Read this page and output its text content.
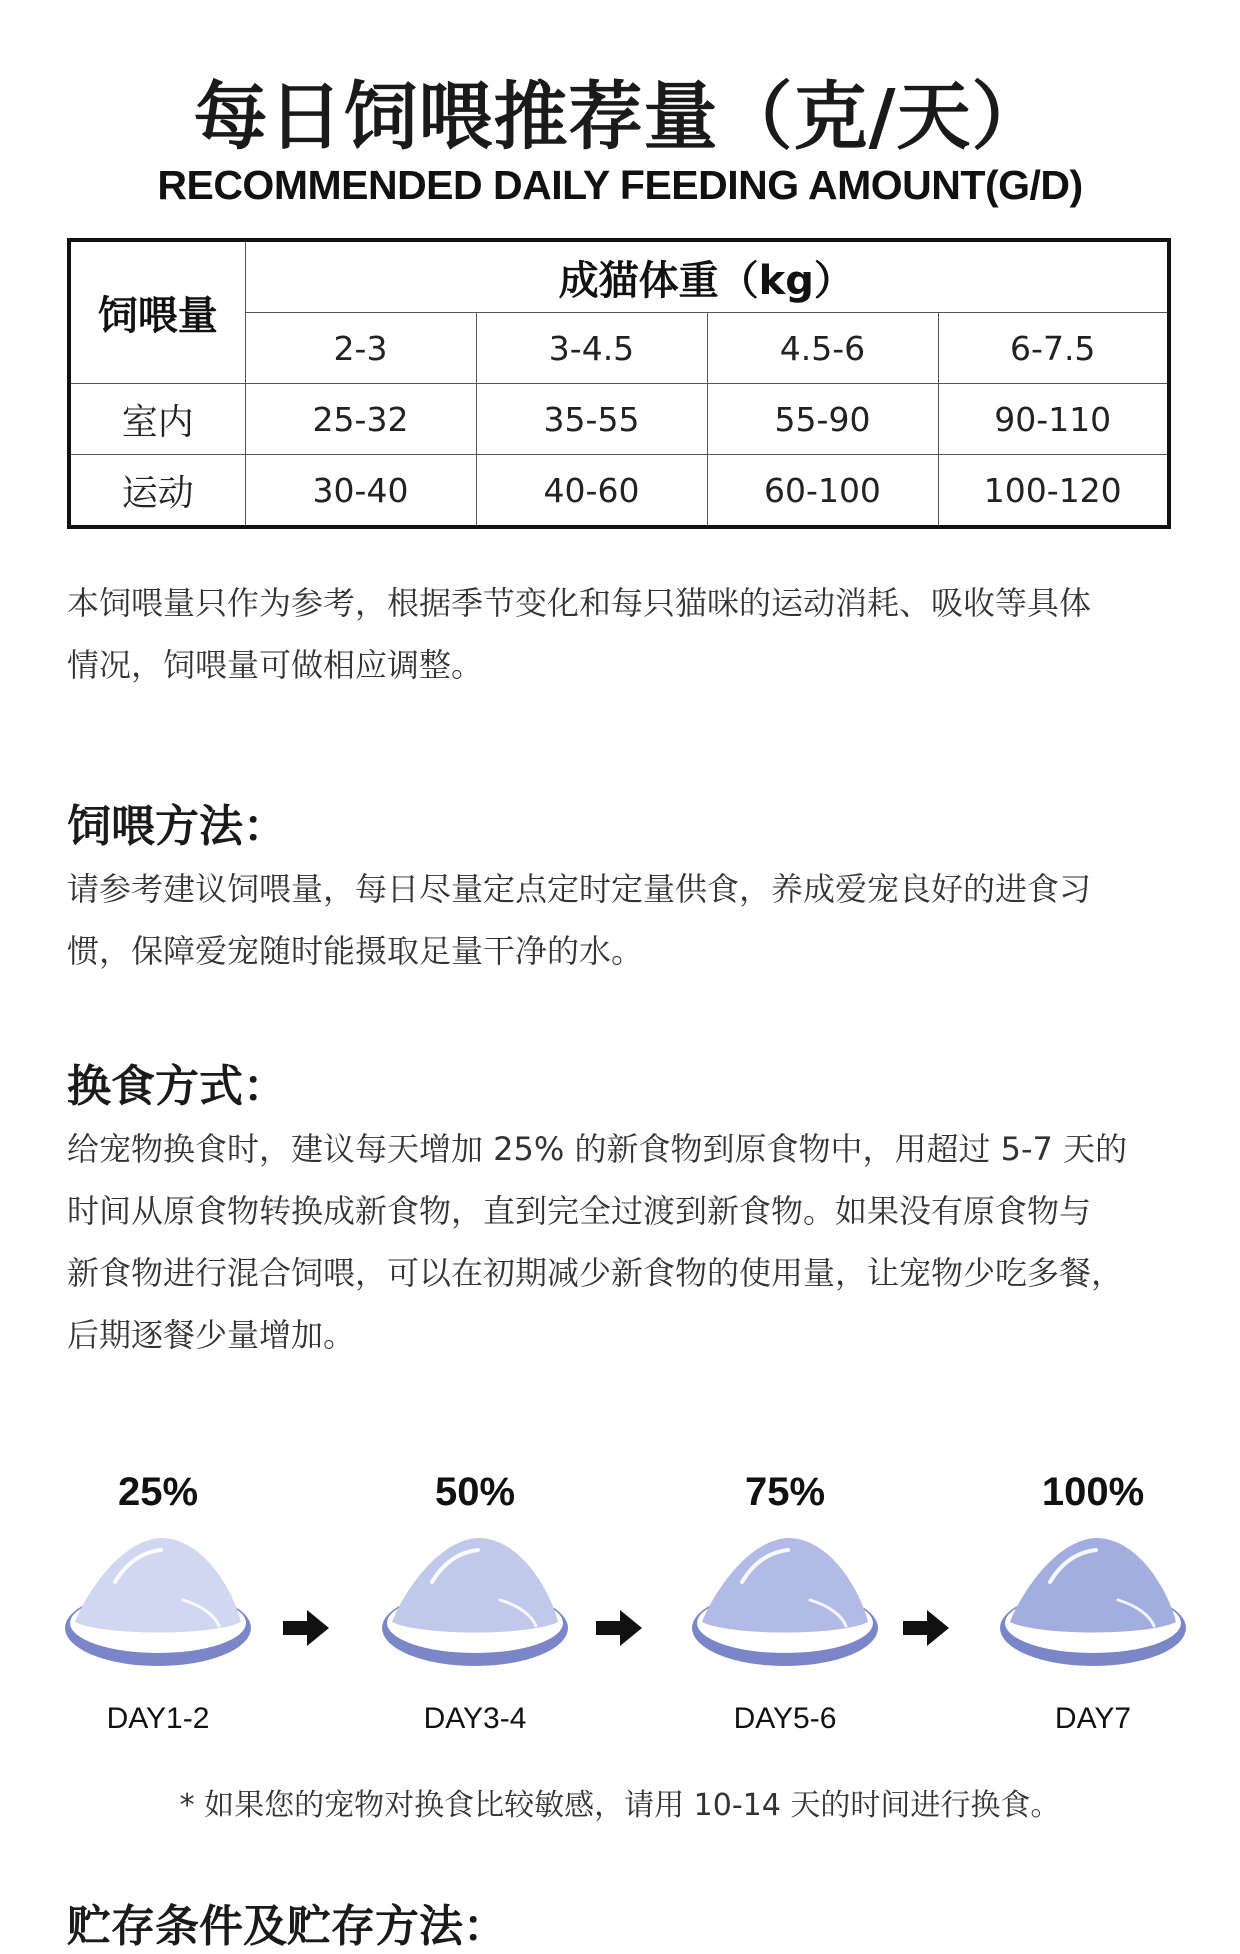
每日饲喂推荐量（克/天）
RECOMMENDED DAILY FEEDING AMOUNT(G/D)
饲喂量	成猫体重（kg）			
	2-3	3-4.5	4.5-6	6-7.5
室内	25-32	35-55	55-90	90-110
运动	30-40	40-60	60-100	100-120
本饲喂量只作为参考，根据季节变化和每只猫咪的运动消耗、吸收等具体
情况，饲喂量可做相应调整。
饲喂方法：
请参考建议饲喂量，每日尽量定点定时定量供食，养成爱宠良好的进食习
惯，保障爱宠随时能摄取足量干净的水。
换食方式：
给宠物换食时，建议每天增加 25% 的新食物到原食物中，用超过 5-7 天的
时间从原食物转换成新食物，直到完全过渡到新食物。如果没有原食物与
新食物进行混合饲喂，可以在初期减少新食物的使用量，让宠物少吃多餐，
后期逐餐少量增加。
25%
DAY1-2
50%
DAY3-4
75%
DAY5-6
100%
DAY7
* 如果您的宠物对换食比较敏感，请用 10-14 天的时间进行换食。
贮存条件及贮存方法：
